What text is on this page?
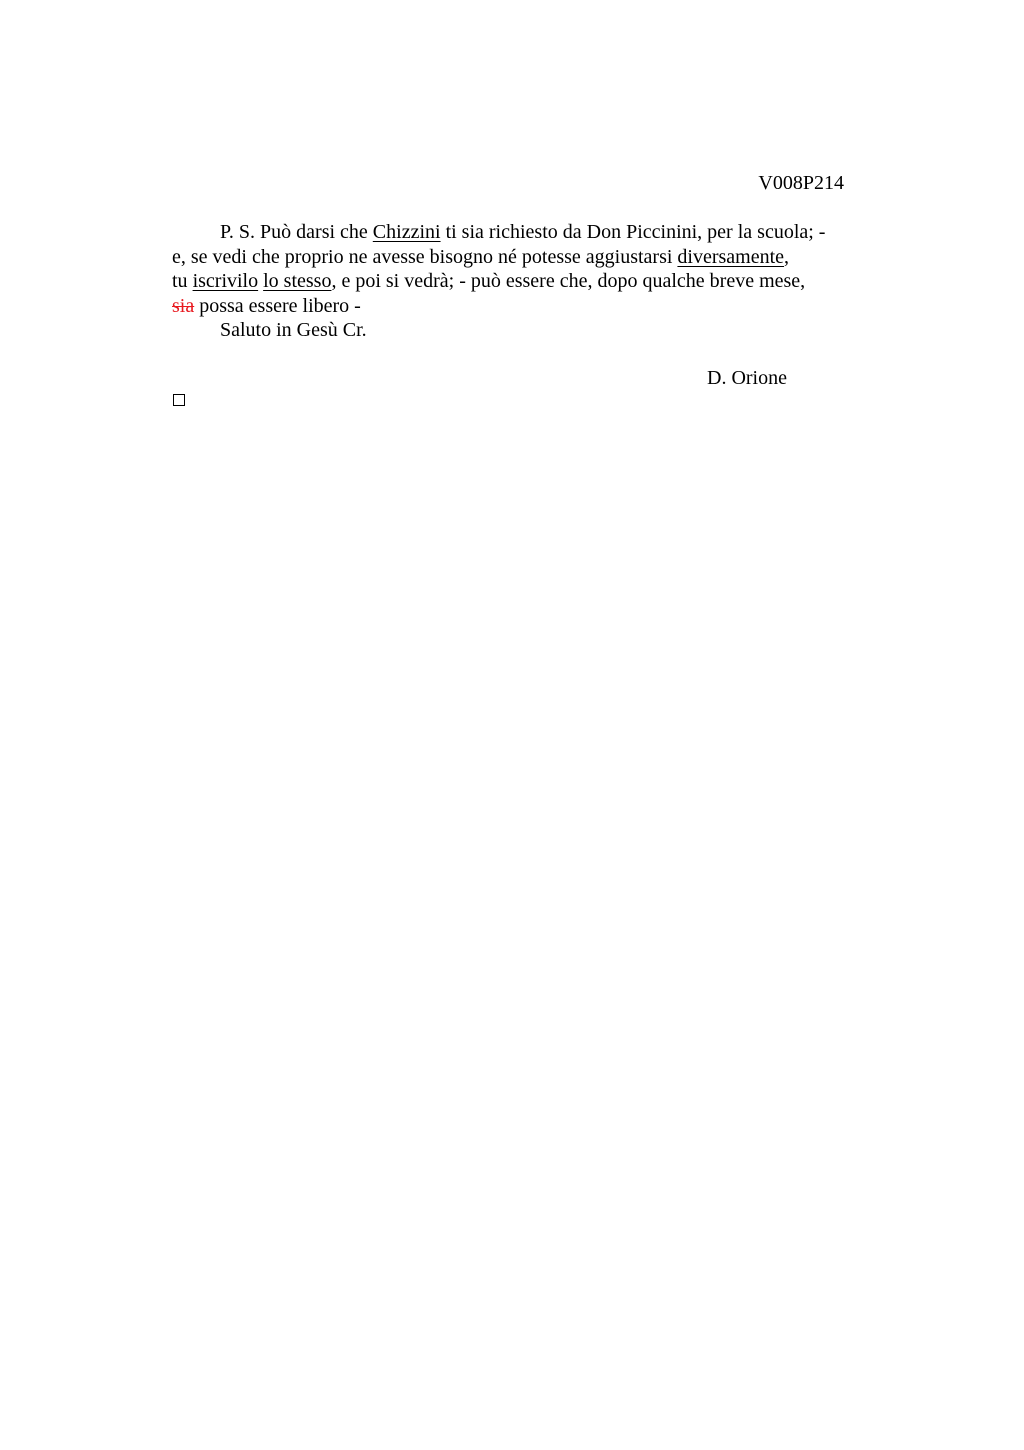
V008P214
P. S. Può darsi che Chizzini ti sia richiesto da Don Piccinini, per la scuola; -
e, se vedi che proprio ne avesse bisogno né potesse aggiustarsi diversamente,
tu iscrivilo lo stesso, e poi si vedrà; - può essere che, dopo qualche breve mese,
sia possa essere libero -
Saluto in Gesù Cr.
D. Orione
